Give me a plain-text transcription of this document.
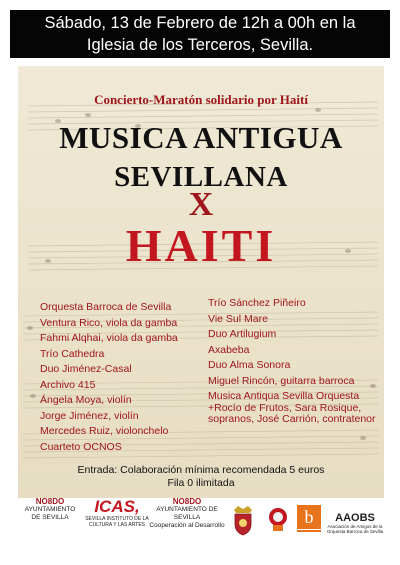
Sábado, 13 de Febrero de 12h a 00h en la
Iglesia de los Terceros, Sevilla.
Concierto-Maratón solidario por Haití
MUSICA ANTIGUA
SEVILLANA
X
HAITI
Orquesta Barroca de Sevilla
Ventura Rico, viola da gamba
Fahmi Alqhai, viola da gamba
Trío Cathedra
Duo Jiménez-Casal
Archivo 415
Ángela Moya, violín
Jorge Jiménez, violín
Mercedes Ruiz, violonchelo
Cuarteto OCNOS
Trío Sánchez Piñeiro
Vie Sul Mare
Duo Artilugium
Axabeba
Duo Alma Sonora
Miguel Rincón, guitarra barroca
Musica Antiqua Sevilla Orquesta +Rocío de Frutos, Sara Rosique, sopranos, José Carrión, contratenor
Entrada: Colaboración mínima recomendada 5 euros
Fila 0 ilimitada
NO8DO
AYUNTAMIENTO
DE SEVILLA
ICAS,
SEVILLA INSTITUTO DE LA CULTURA Y LAS ARTES
NO8DO
AYUNTAMIENTO DE SEVILLA
Cooperación al Desarrollo	b	AAOBS
Asociación de Amigos de la Orquesta Barroca de Sevilla
